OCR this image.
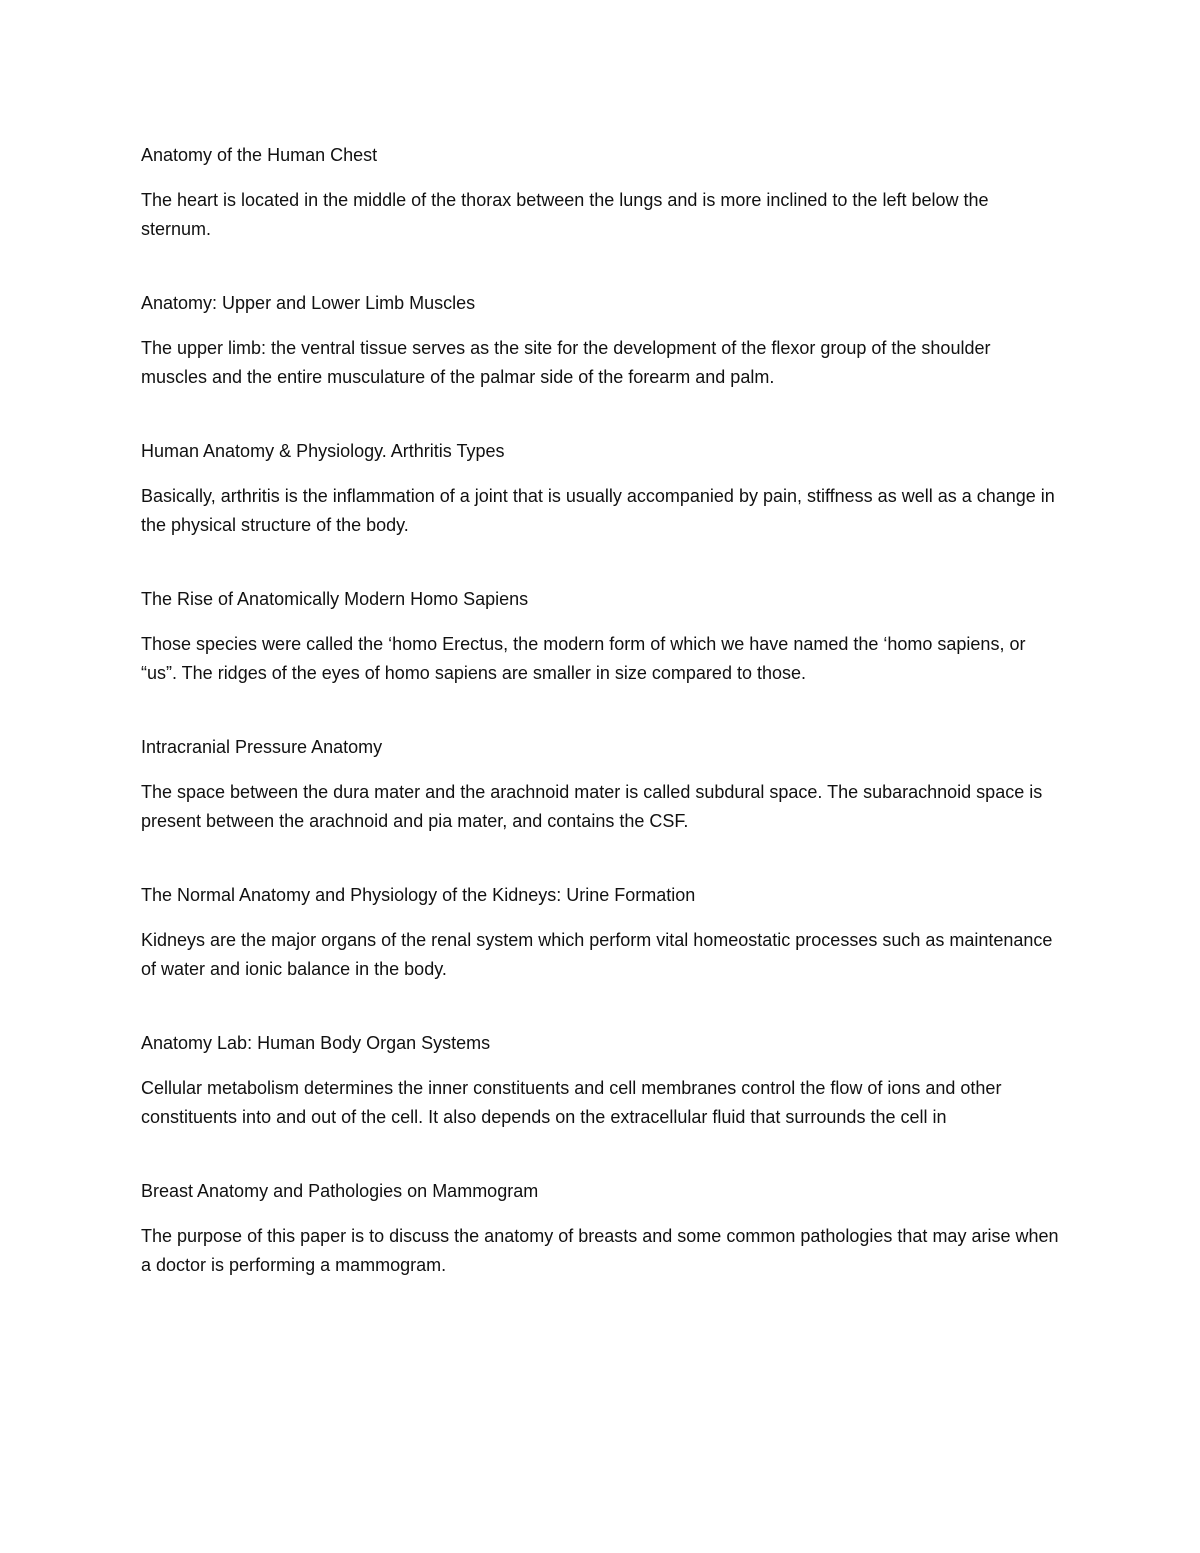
Anatomy of the Human Chest

The heart is located in the middle of the thorax between the lungs and is more inclined to the left below the sternum.

Anatomy: Upper and Lower Limb Muscles

The upper limb: the ventral tissue serves as the site for the development of the flexor group of the shoulder muscles and the entire musculature of the palmar side of the forearm and palm.

Human Anatomy & Physiology. Arthritis Types

Basically, arthritis is the inflammation of a joint that is usually accompanied by pain, stiffness as well as a change in the physical structure of the body.

The Rise of Anatomically Modern Homo Sapiens

Those species were called the ‘homo Erectus, the modern form of which we have named the ‘homo sapiens, or “us”. The ridges of the eyes of homo sapiens are smaller in size compared to those.

Intracranial Pressure Anatomy

The space between the dura mater and the arachnoid mater is called subdural space. The subarachnoid space is present between the arachnoid and pia mater, and contains the CSF.

The Normal Anatomy and Physiology of the Kidneys: Urine Formation

Kidneys are the major organs of the renal system which perform vital homeostatic processes such as maintenance of water and ionic balance in the body.

Anatomy Lab: Human Body Organ Systems

Cellular metabolism determines the inner constituents and cell membranes control the flow of ions and other constituents into and out of the cell. It also depends on the extracellular fluid that surrounds the cell in

Breast Anatomy and Pathologies on Mammogram

The purpose of this paper is to discuss the anatomy of breasts and some common pathologies that may arise when a doctor is performing a mammogram.
